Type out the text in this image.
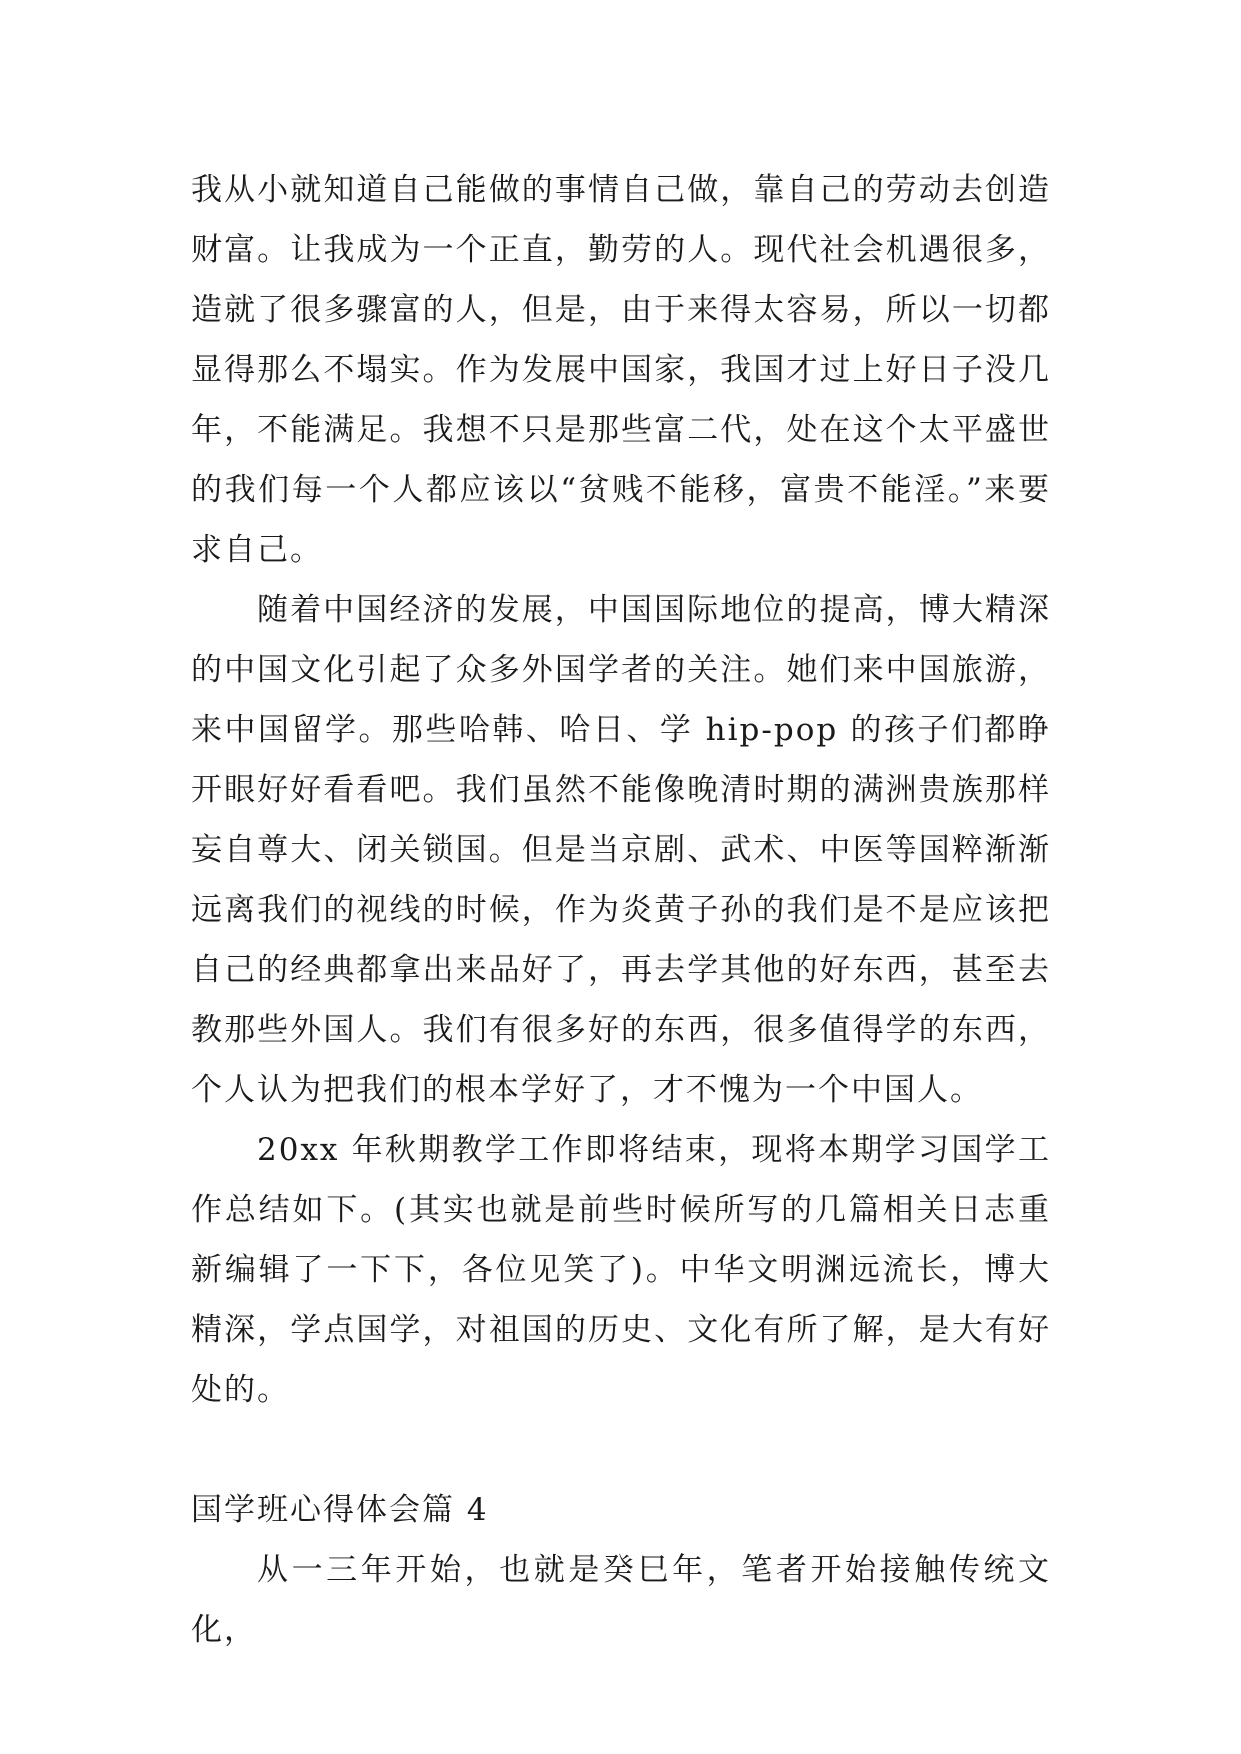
我从小就知道自己能做的事情自己做，靠自己的劳动去创造财富。让我成为一个正直，勤劳的人。现代社会机遇很多，造就了很多骤富的人，但是，由于来得太容易，所以一切都显得那么不塌实。作为发展中国家，我国才过上好日子没几年，不能满足。我想不只是那些富二代，处在这个太平盛世的我们每一个人都应该以“贫贱不能移，富贵不能淫。”来要求自己。

随着中国经济的发展，中国国际地位的提高，博大精深的中国文化引起了众多外国学者的关注。她们来中国旅游，来中国留学。那些哈韩、哈日、学 hip-pop 的孩子们都睁开眼好好看看吧。我们虽然不能像晚清时期的满洲贵族那样妄自尊大、闭关锁国。但是当京剧、武术、中医等国粹渐渐远离我们的视线的时候，作为炎黄子孙的我们是不是应该把自己的经典都拿出来品好了，再去学其他的好东西，甚至去教那些外国人。我们有很多好的东西，很多值得学的东西，个人认为把我们的根本学好了，才不愧为一个中国人。

20xx 年秋期教学工作即将结束，现将本期学习国学工作总结如下。(其实也就是前些时候所写的几篇相关日志重新编辑了一下下，各位见笑了)。中华文明渊远流长，博大精深，学点国学，对祖国的历史、文化有所了解，是大有好处的。

国学班心得体会篇 4

从一三年开始，也就是癸巳年，笔者开始接触传统文化，
